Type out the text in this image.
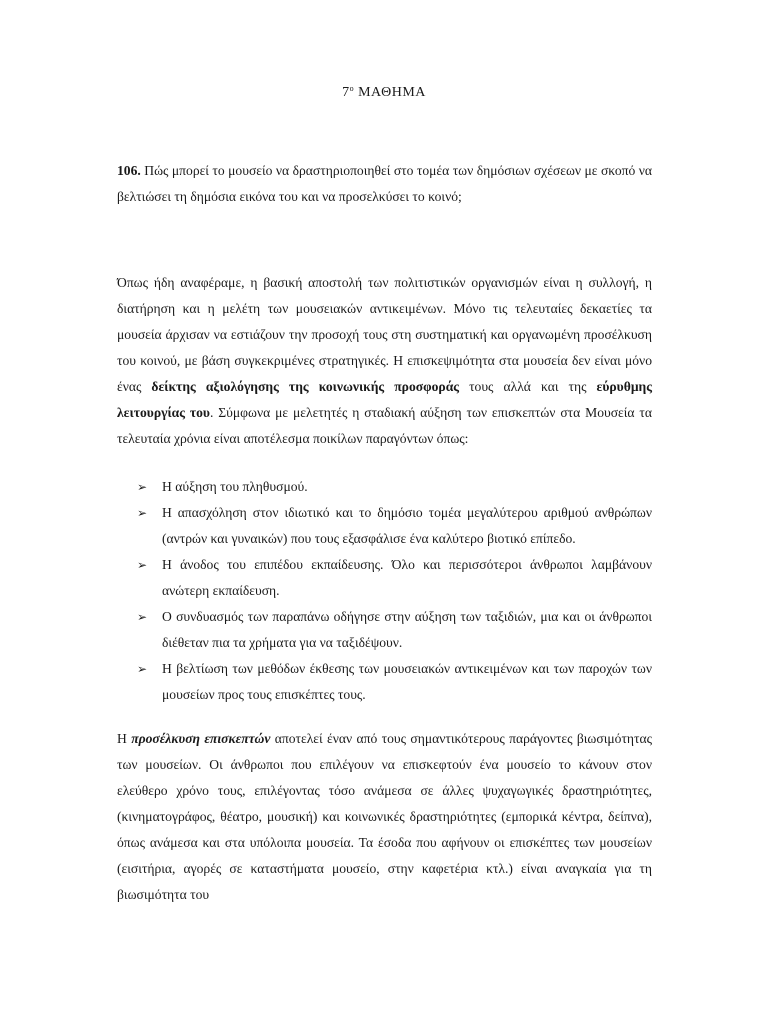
$7^o$ ΜΑΘΗΜΑ
106. Πώς μπορεί το μουσείο να δραστηριοποιηθεί στο τομέα των δημόσιων σχέσεων με σκοπό να βελτιώσει τη δημόσια εικόνα του και να προσελκύσει το κοινό;
Όπως ήδη αναφέραμε, η βασική αποστολή των πολιτιστικών οργανισμών είναι η συλλογή, η διατήρηση και η μελέτη των μουσειακών αντικειμένων. Μόνο τις τελευταίες δεκαετίες τα μουσεία άρχισαν να εστιάζουν την προσοχή τους στη συστηματική και οργανωμένη προσέλκυση του κοινού, με βάση συγκεκριμένες στρατηγικές. Η επισκεψιμότητα στα μουσεία δεν είναι μόνο ένας δείκτης αξιολόγησης της κοινωνικής προσφοράς τους αλλά και της εύρυθμης λειτουργίας του. Σύμφωνα με μελετητές η σταδιακή αύξηση των επισκεπτών στα Μουσεία τα τελευταία χρόνια είναι αποτέλεσμα ποικίλων παραγόντων όπως:
➢ Η αύξηση του πληθυσμού.
➢ Η απασχόληση στον ιδιωτικό και το δημόσιο τομέα μεγαλύτερου αριθμού ανθρώπων (αντρών και γυναικών) που τους εξασφάλισε ένα καλύτερο βιοτικό επίπεδο.
➢ Η άνοδος του επιπέδου εκπαίδευσης. Όλο και περισσότεροι άνθρωποι λαμβάνουν ανώτερη εκπαίδευση.
➢ Ο συνδυασμός των παραπάνω οδήγησε στην αύξηση των ταξιδιών, μια και οι άνθρωποι διέθεταν πια τα χρήματα για να ταξιδέψουν.
➢ Η βελτίωση των μεθόδων έκθεσης των μουσειακών αντικειμένων και των παροχών των μουσείων προς τους επισκέπτες τους.
Η προσέλκυση επισκεπτών αποτελεί έναν από τους σημαντικότερους παράγοντες βιωσιμότητας των μουσείων. Οι άνθρωποι που επιλέγουν να επισκεφτούν ένα μουσείο το κάνουν στον ελεύθερο χρόνο τους, επιλέγοντας τόσο ανάμεσα σε άλλες ψυχαγωγικές δραστηριότητες, (κινηματογράφος, θέατρο, μουσική) και κοινωνικές δραστηριότητες (εμπορικά κέντρα, δείπνα), όπως ανάμεσα και στα υπόλοιπα μουσεία. Τα έσοδα που αφήνουν οι επισκέπτες των μουσείων (εισιτήρια, αγορές σε καταστήματα μουσείο, στην καφετέρια κτλ.) είναι αναγκαία για τη βιωσιμότητα του
